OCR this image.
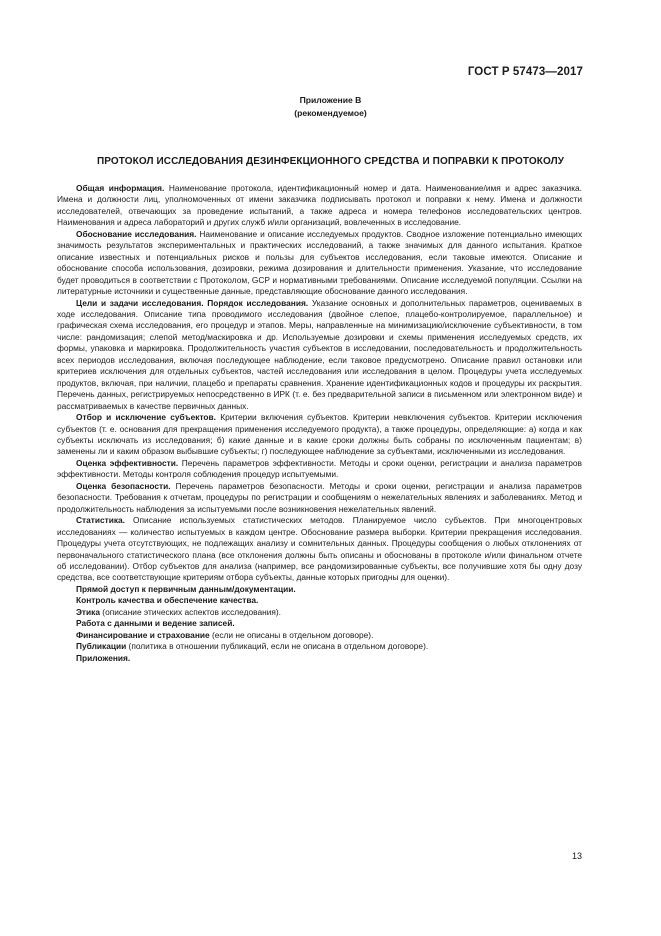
ГОСТ Р 57473—2017
Приложение В
(рекомендуемое)
ПРОТОКОЛ ИССЛЕДОВАНИЯ ДЕЗИНФЕКЦИОННОГО СРЕДСТВА И ПОПРАВКИ К ПРОТОКОЛУ

Общая информация. Наименование протокола, идентификационный номер и дата. Наименование/имя и адрес заказчика. Имена и должности лиц, уполномоченных от имени заказчика подписывать протокол и поправки к нему. Имена и должности исследователей, отвечающих за проведение испытаний, а также адреса и номера телефонов исследовательских центров. Наименования и адреса лабораторий и других служб и/или организаций, вовлеченных в исследование.

Обоснование исследования. Наименование и описание исследуемых продуктов. Сводное изложение потенциально имеющих значимость результатов экспериментальных и практических исследований, а также значимых для данного испытания. Краткое описание известных и потенциальных рисков и пользы для субъектов исследования, если таковые имеются. Описание и обоснование способа использования, дозировки, режима дозирования и длительности применения. Указание, что исследование будет проводиться в соответствии с Протоколом, GCP и нормативными требованиями. Описание исследуемой популяции. Ссылки на литературные источники и существенные данные, представляющие обоснование данного исследования.

Цели и задачи исследования. Порядок исследования. Указание основных и дополнительных параметров, оцениваемых в ходе исследования. Описание типа проводимого исследования (двойное слепое, плацебо-контролируемое, параллельное) и графическая схема исследования, его процедур и этапов. Меры, направленные на минимизацию/исключение субъективности, в том числе: рандомизация; слепой метод/маскировка и др. Используемые дозировки и схемы применения исследуемых средств, их формы, упаковка и маркировка. Продолжительность участия субъектов в исследовании, последовательность и продолжительность всех периодов исследования, включая последующее наблюдение, если таковое предусмотрено. Описание правил остановки или критериев исключения для отдельных субъектов, частей исследования или исследования в целом. Процедуры учета исследуемых продуктов, включая, при наличии, плацебо и препараты сравнения. Хранение идентификационных кодов и процедуры их раскрытия. Перечень данных, регистрируемых непосредственно в ИРК (т. е. без предварительной записи в письменном или электронном виде) и рассматриваемых в качестве первичных данных.

Отбор и исключение субъектов. Критерии включения субъектов. Критерии невключения субъектов. Критерии исключения субъектов (т. е. основания для прекращения применения исследуемого продукта), а также процедуры, определяющие: а) когда и как субъекты исключать из исследования; б) какие данные и в какие сроки должны быть собраны по исключенным пациентам; в) заменены ли и каким образом выбывшие субъекты; г) последующее наблюдение за субъектами, исключенными из исследования.

Оценка эффективности. Перечень параметров эффективности. Методы и сроки оценки, регистрации и анализа параметров эффективности. Методы контроля соблюдения процедур испытуемыми.

Оценка безопасности. Перечень параметров безопасности. Методы и сроки оценки, регистрации и анализа параметров безопасности. Требования к отчетам, процедуры по регистрации и сообщениям о нежелательных явлениях и заболеваниях. Метод и продолжительность наблюдения за испытуемыми после возникновения нежелательных явлений.

Статистика. Описание используемых статистических методов. Планируемое число субъектов. При многоцентровых исследованиях — количество испытуемых в каждом центре. Обоснование размера выборки. Критерии прекращения исследования. Процедуры учета отсутствующих, не подлежащих анализу и сомнительных данных. Процедуры сообщения о любых отклонениях от первоначального статистического плана (все отклонения должны быть описаны и обоснованы в протоколе и/или финальном отчете об исследовании). Отбор субъектов для анализа (например, все рандомизированные субъекты, все получившие хотя бы одну дозу средства, все соответствующие критериям отбора субъекты, данные которых пригодны для оценки).

Прямой доступ к первичным данным/документации.

Контроль качества и обеспечение качества.

Этика (описание этических аспектов исследования).

Работа с данными и ведение записей.

Финансирование и страхование (если не описаны в отдельном договоре).

Публикации (политика в отношении публикаций, если не описана в отдельном договоре).

Приложения.

13
